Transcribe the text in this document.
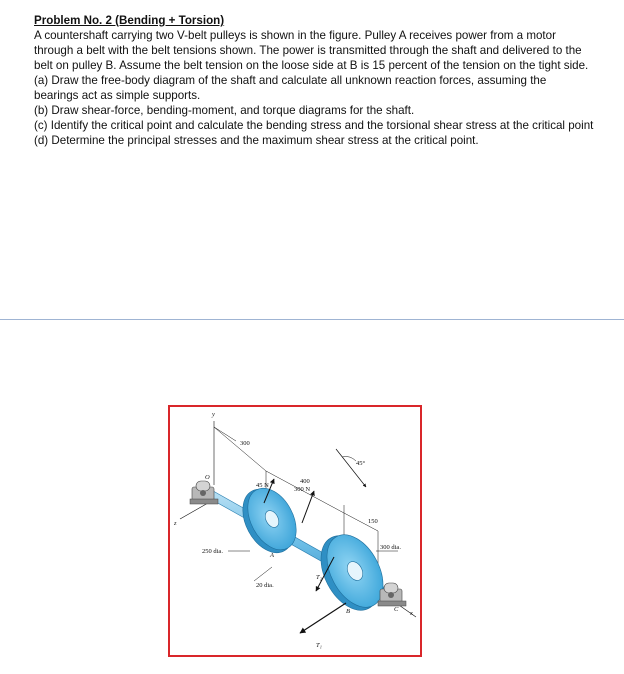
Problem No. 2 (Bending + Torsion)

A countershaft carrying two V-belt pulleys is shown in the figure. Pulley A receives power from a motor through a belt with the belt tensions shown. The power is transmitted through the shaft and delivered to the belt on pulley B. Assume the belt tension on the loose side at B is 15 percent of the tension on the tight side.

(a) Draw the free-body diagram of the shaft and calculate all unknown reaction forces, assuming the bearings act as simple supports.

(b) Draw shear-force, bending-moment, and torque diagrams for the shaft.

(c) Identify the critical point and calculate the bending stress and the torsional shear stress at the critical point

(d) Determine the principal stresses and the maximum shear stress at the critical point.

y
z
x
O
300
400
150
45°
A
B	C
45 N
300 N
T₂
T₁
250 dia.
20 dia.
300 dia.
